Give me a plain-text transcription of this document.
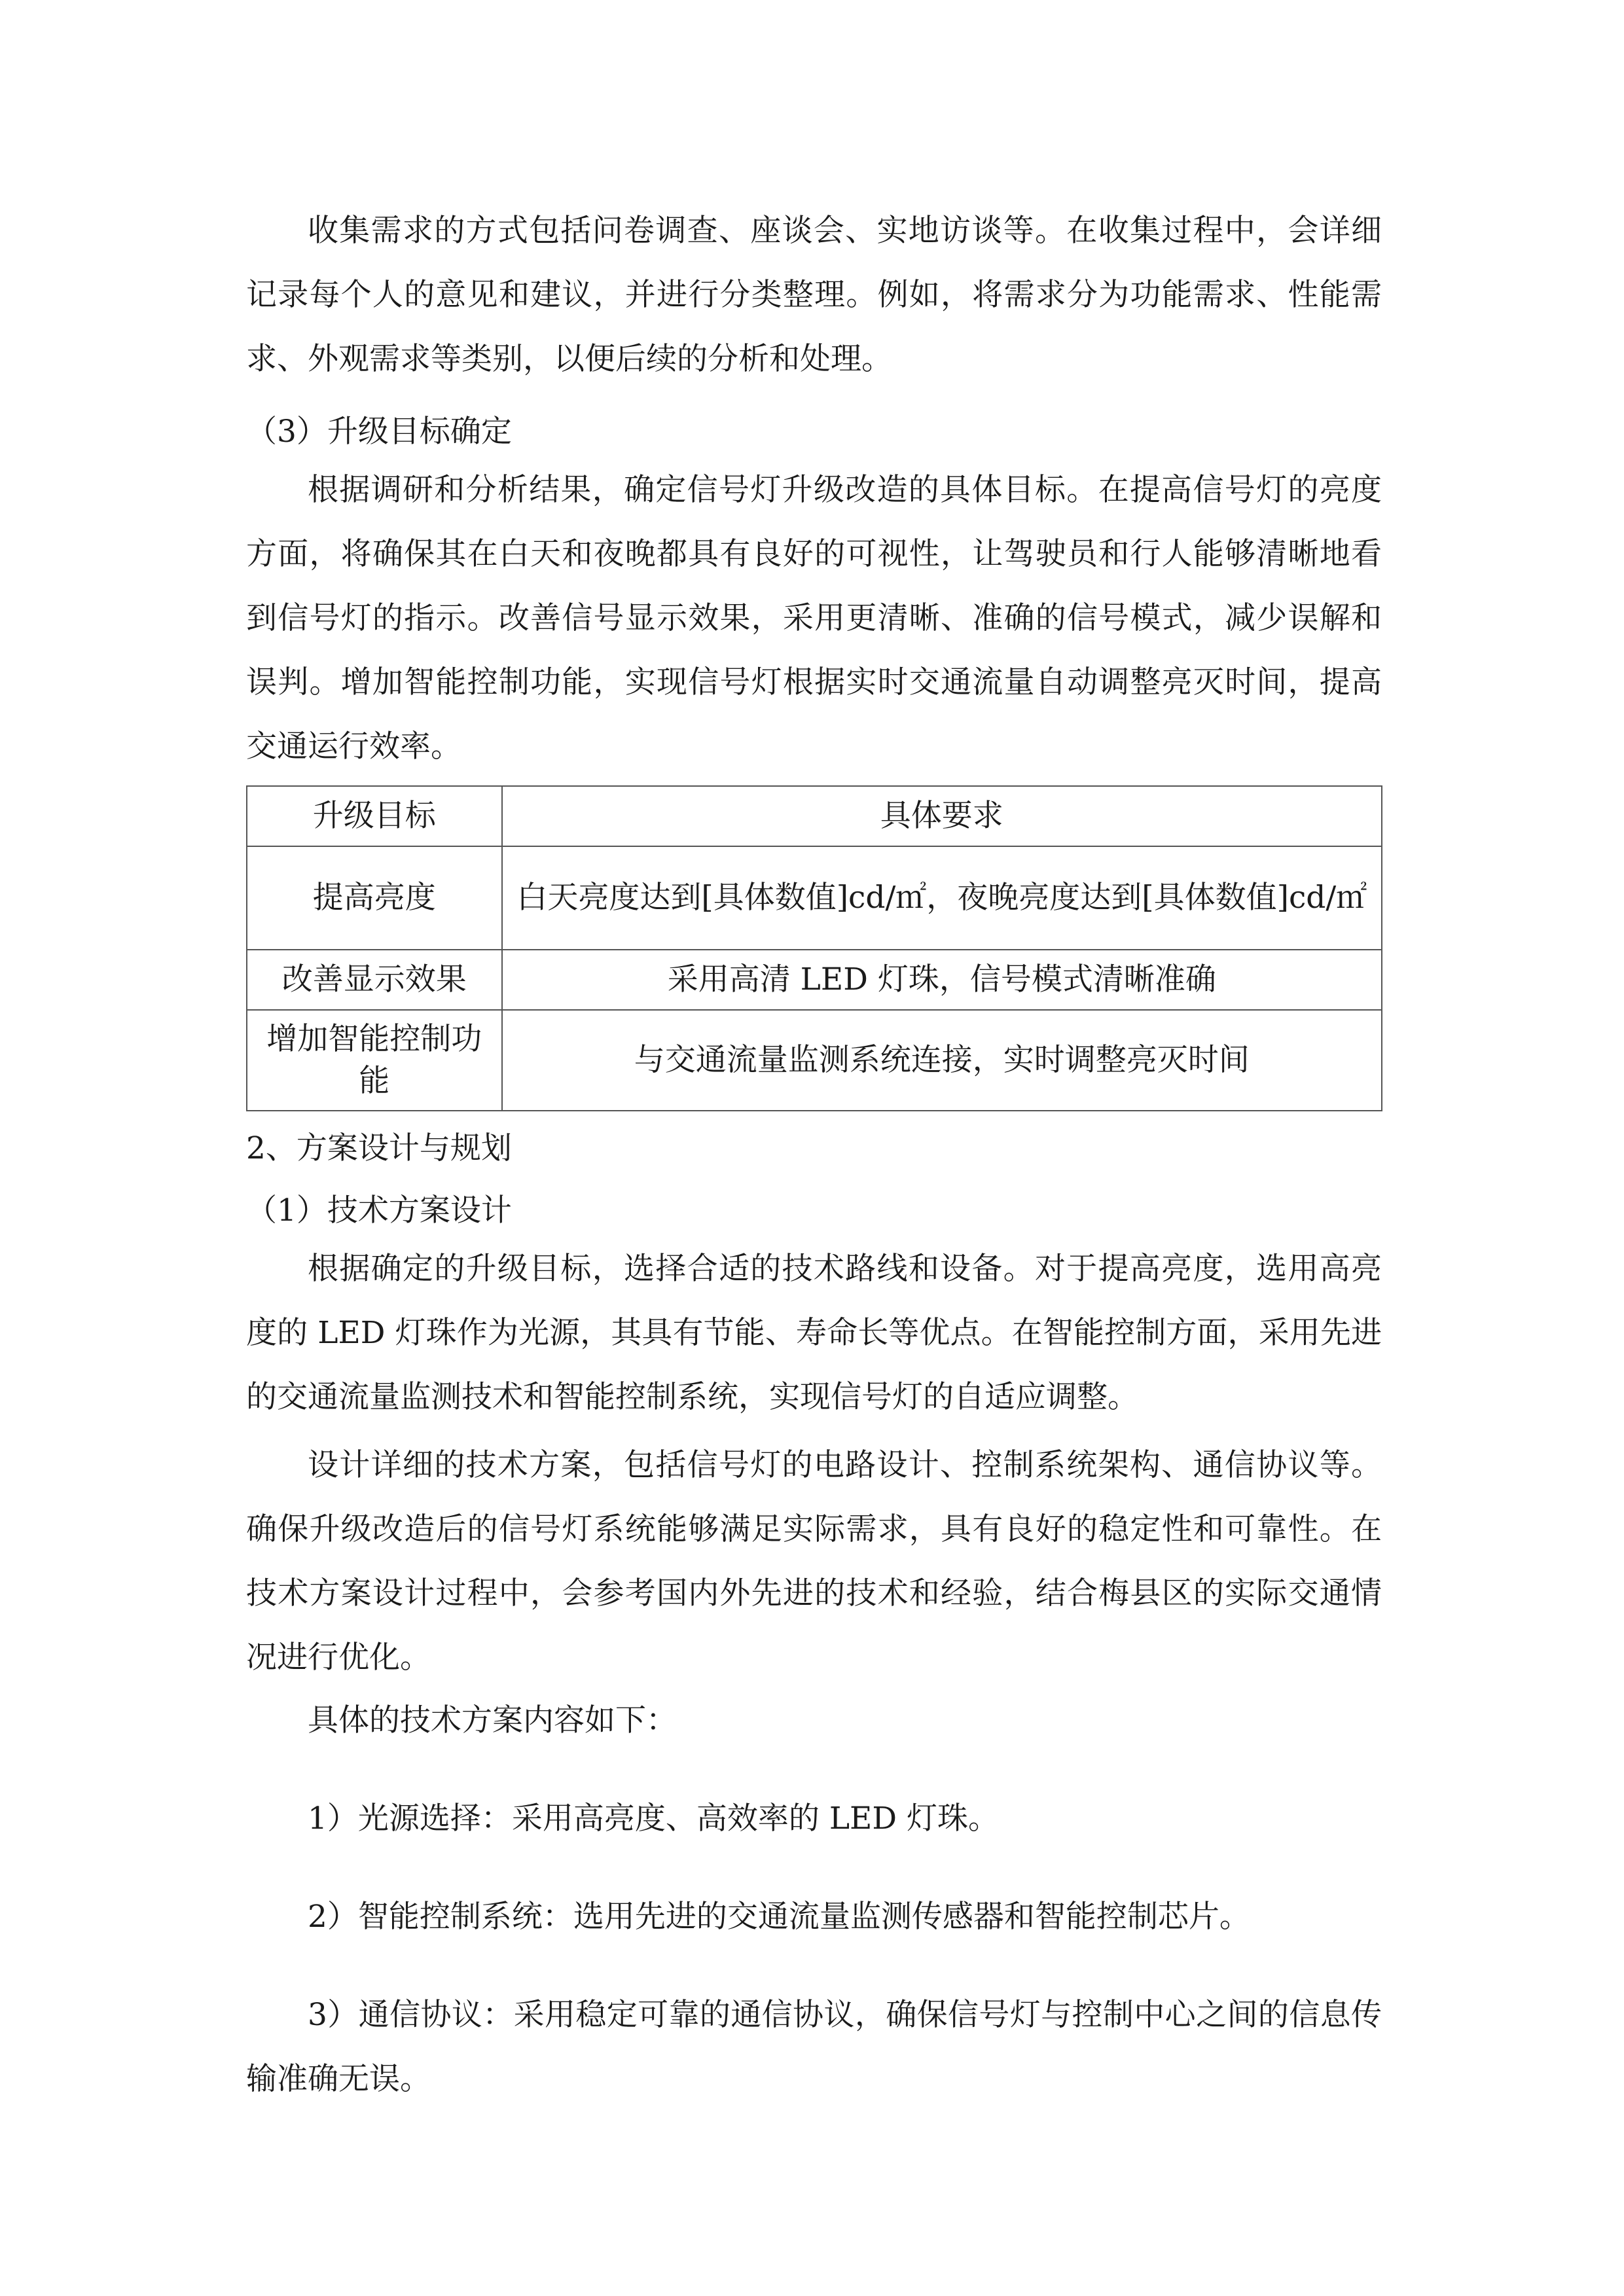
收集需求的方式包括问卷调查、座谈会、实地访谈等。在收集过程中，会详细记录每个人的意见和建议，并进行分类整理。例如，将需求分为功能需求、性能需求、外观需求等类别，以便后续的分析和处理。

（3）升级目标确定

根据调研和分析结果，确定信号灯升级改造的具体目标。在提高信号灯的亮度方面，将确保其在白天和夜晚都具有良好的可视性，让驾驶员和行人能够清晰地看到信号灯的指示。改善信号显示效果，采用更清晰、准确的信号模式，减少误解和误判。增加智能控制功能，实现信号灯根据实时交通流量自动调整亮灭时间，提高交通运行效率。

升级目标	具体要求
提高亮度	白天亮度达到[具体数值]cd/㎡，夜晚亮度达到[具体数值]cd/㎡
改善显示效果	采用高清 LED 灯珠，信号模式清晰准确
增加智能控制功能	与交通流量监测系统连接，实时调整亮灭时间

2、方案设计与规划

（1）技术方案设计

根据确定的升级目标，选择合适的技术路线和设备。对于提高亮度，选用高亮度的 LED 灯珠作为光源，其具有节能、寿命长等优点。在智能控制方面，采用先进的交通流量监测技术和智能控制系统，实现信号灯的自适应调整。

设计详细的技术方案，包括信号灯的电路设计、控制系统架构、通信协议等。确保升级改造后的信号灯系统能够满足实际需求，具有良好的稳定性和可靠性。在技术方案设计过程中，会参考国内外先进的技术和经验，结合梅县区的实际交通情况进行优化。

具体的技术方案内容如下：

1）光源选择：采用高亮度、高效率的 LED 灯珠。

2）智能控制系统：选用先进的交通流量监测传感器和智能控制芯片。

3）通信协议：采用稳定可靠的通信协议，确保信号灯与控制中心之间的信息传输准确无误。
